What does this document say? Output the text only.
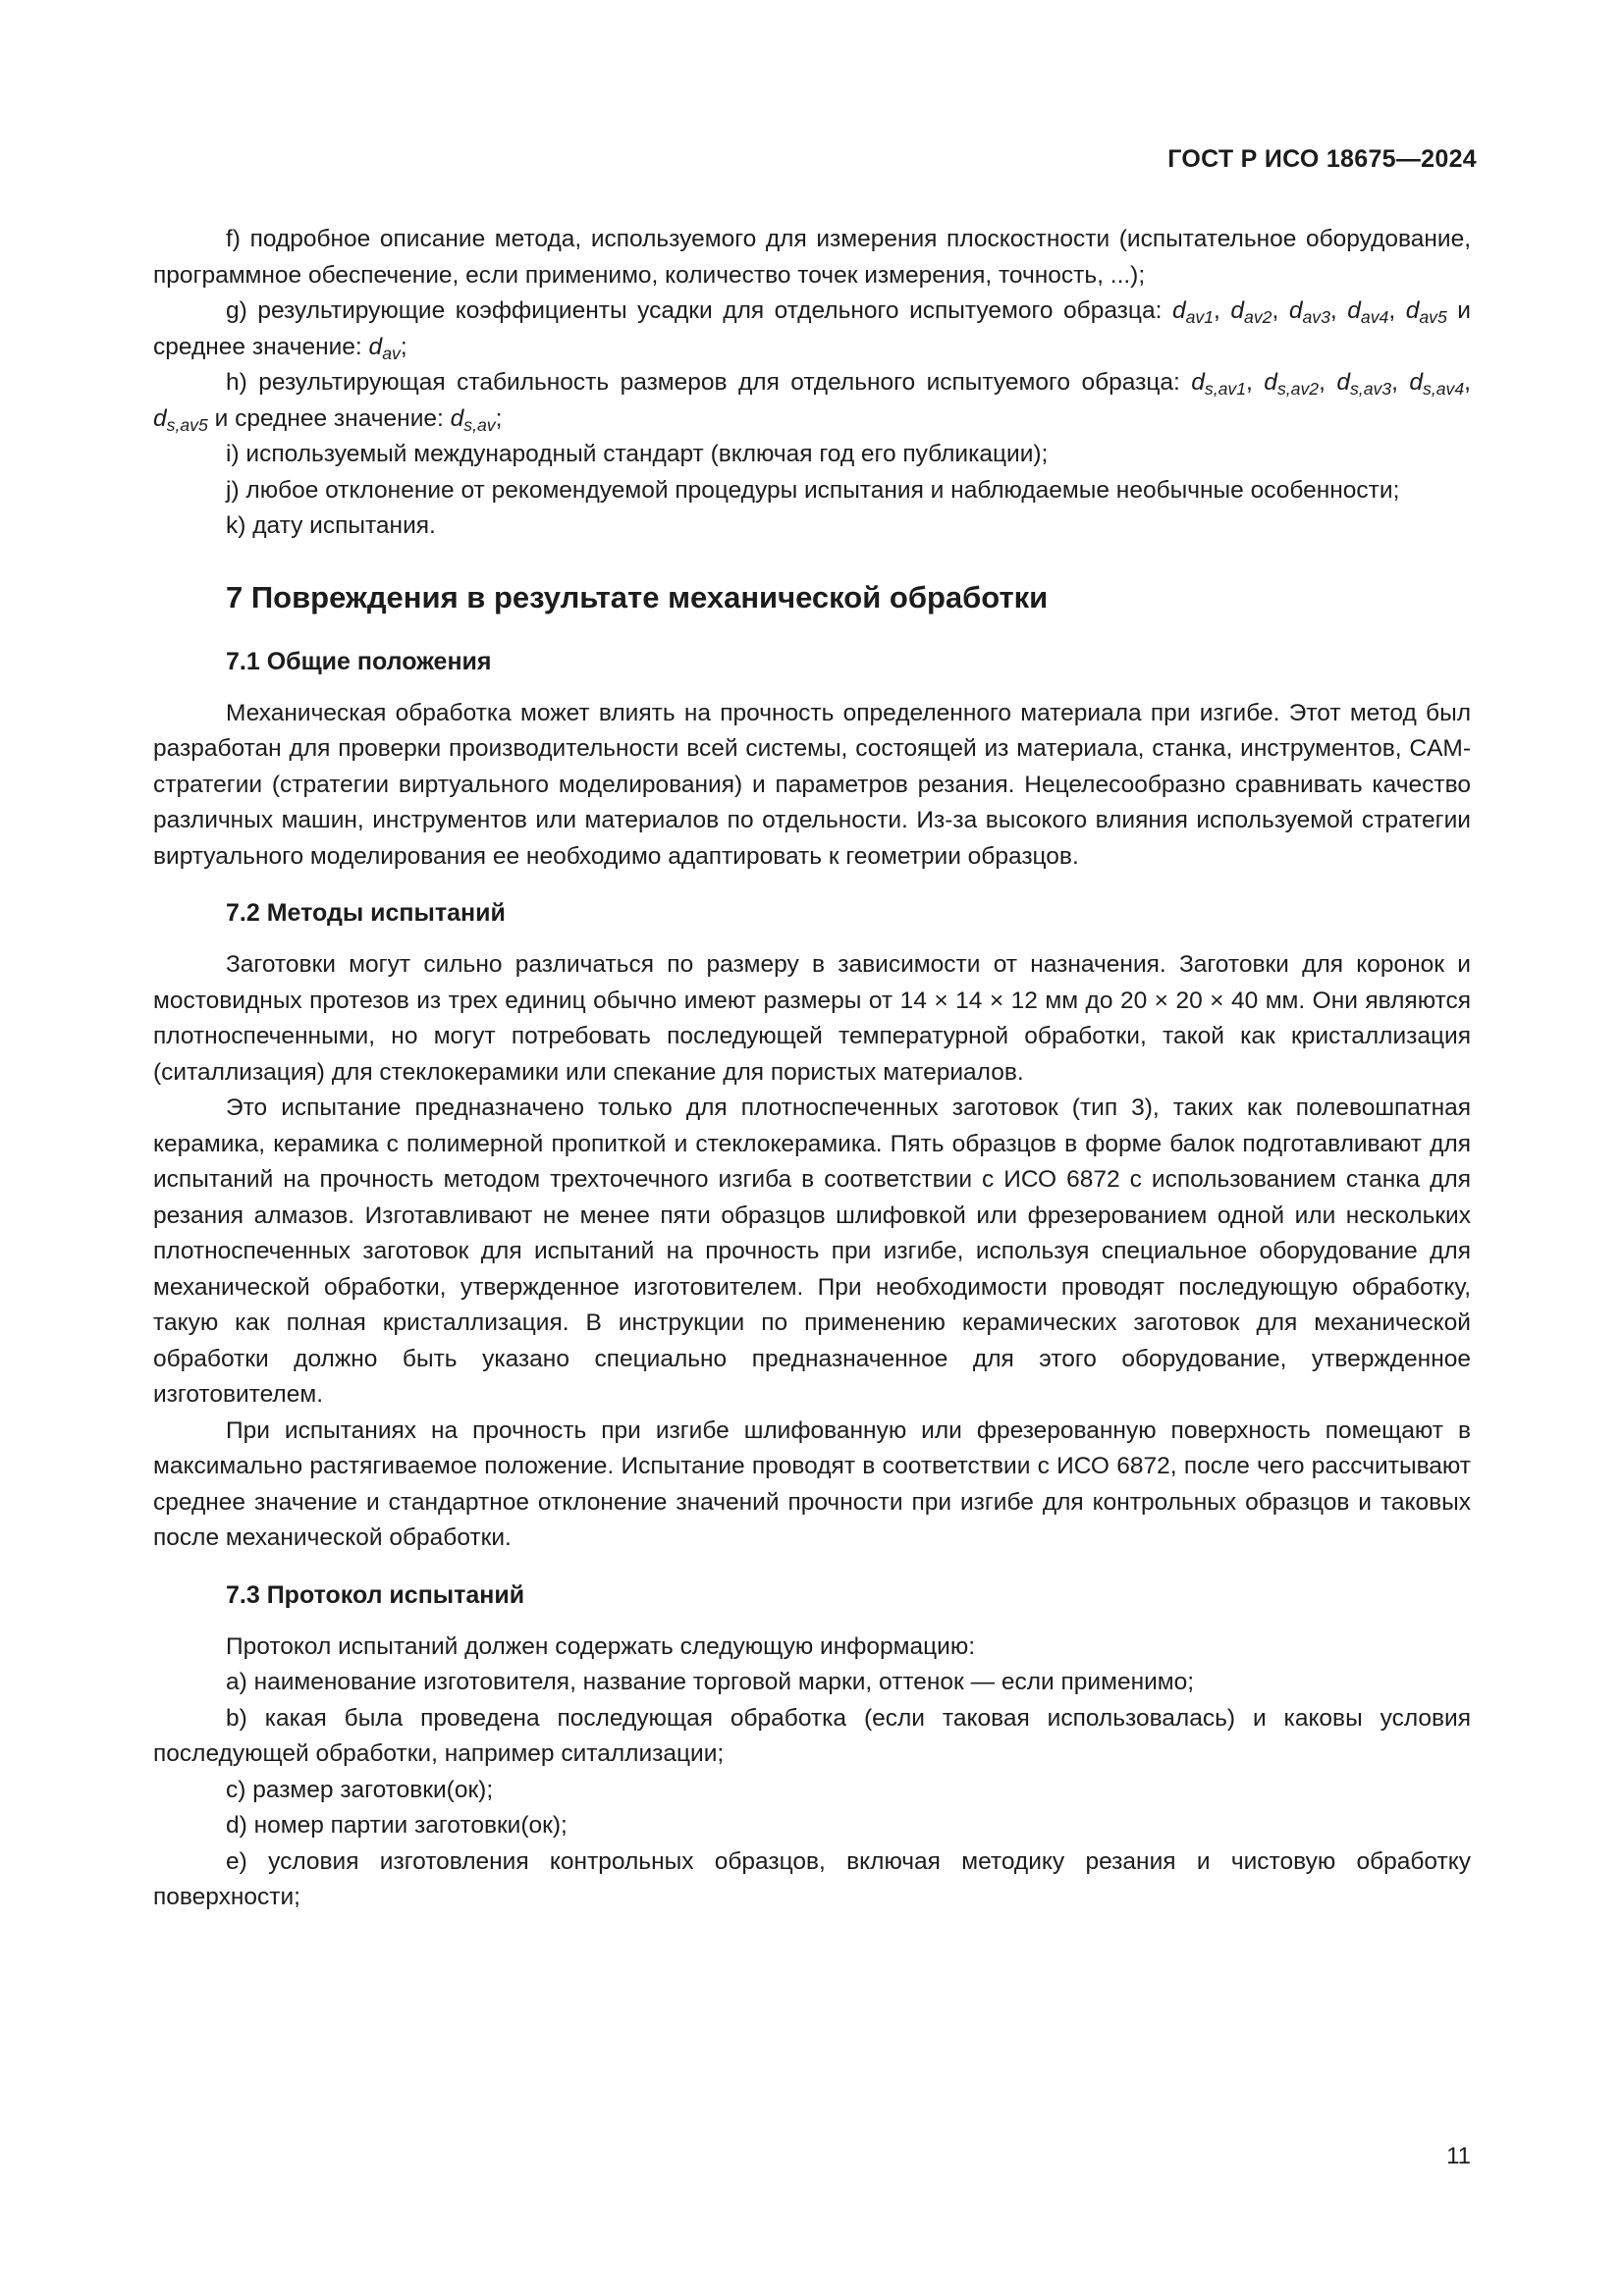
ГОСТ Р ИСО 18675—2024

f) подробное описание метода, используемого для измерения плоскостности (испытательное оборудование, программное обеспечение, если применимо, количество точек измерения, точность, ...);

g) результирующие коэффициенты усадки для отдельного испытуемого образца: $d_{av1}$, $d_{av2}$, $d_{av3}$, $d_{av4}$, $d_{av5}$ и среднее значение: $d_{av}$;

h) результирующая стабильность размеров для отдельного испытуемого образца: $d_{s,av1}$, $d_{s,av2}$, $d_{s,av3}$, $d_{s,av4}$, $d_{s,av5}$ и среднее значение: $d_{s,av}$;

i) используемый международный стандарт (включая год его публикации);

j) любое отклонение от рекомендуемой процедуры испытания и наблюдаемые необычные особенности;

k) дату испытания.

7 Повреждения в результате механической обработки
7.1 Общие положения

Механическая обработка может влиять на прочность определенного материала при изгибе. Этот метод был разработан для проверки производительности всей системы, состоящей из материала, станка, инструментов, CAM-стратегии (стратегии виртуального моделирования) и параметров резания. Нецелесообразно сравнивать качество различных машин, инструментов или материалов по отдельности. Из-за высокого влияния используемой стратегии виртуального моделирования ее необходимо адаптировать к геометрии образцов.

7.2 Методы испытаний

Заготовки могут сильно различаться по размеру в зависимости от назначения. Заготовки для коронок и мостовидных протезов из трех единиц обычно имеют размеры от 14 × 14 × 12 мм до 20 × 20 × 40 мм. Они являются плотноспеченными, но могут потребовать последующей температурной обработки, такой как кристаллизация (ситаллизация) для стеклокерамики или спекание для пористых материалов.

Это испытание предназначено только для плотноспеченных заготовок (тип 3), таких как полевошпатная керамика, керамика с полимерной пропиткой и стеклокерамика. Пять образцов в форме балок подготавливают для испытаний на прочность методом трехточечного изгиба в соответствии с ИСО 6872 с использованием станка для резания алмазов. Изготавливают не менее пяти образцов шлифовкой или фрезерованием одной или нескольких плотноспеченных заготовок для испытаний на прочность при изгибе, используя специальное оборудование для механической обработки, утвержденное изготовителем. При необходимости проводят последующую обработку, такую как полная кристаллизация. В инструкции по применению керамических заготовок для механической обработки должно быть указано специально предназначенное для этого оборудование, утвержденное изготовителем.

При испытаниях на прочность при изгибе шлифованную или фрезерованную поверхность помещают в максимально растягиваемое положение. Испытание проводят в соответствии с ИСО 6872, после чего рассчитывают среднее значение и стандартное отклонение значений прочности при изгибе для контрольных образцов и таковых после механической обработки.

7.3 Протокол испытаний

Протокол испытаний должен содержать следующую информацию:

a) наименование изготовителя, название торговой марки, оттенок — если применимо;

b) какая была проведена последующая обработка (если таковая использовалась) и каковы условия последующей обработки, например ситаллизации;

c) размер заготовки(ок);

d) номер партии заготовки(ок);

e) условия изготовления контрольных образцов, включая методику резания и чистовую обработку поверхности;

11
